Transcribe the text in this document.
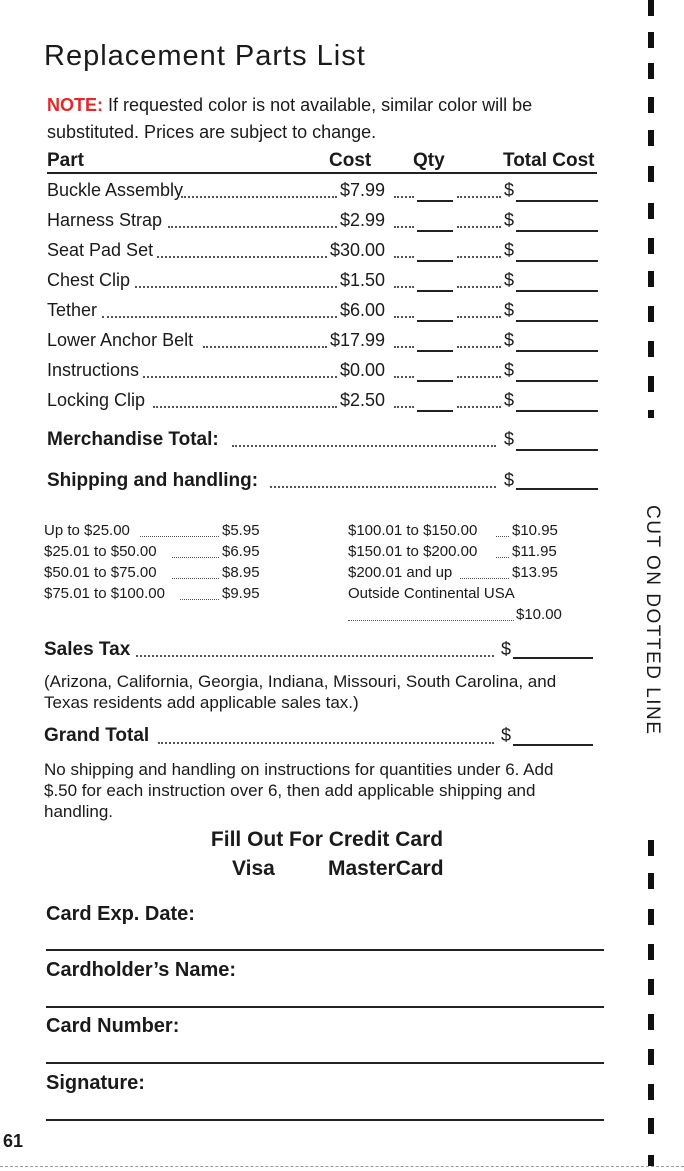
Replacement Parts List
NOTE: If requested color is not available, similar color will be substituted. Prices are subject to change.
Part	Cost Qty	Total Cost
Buckle Assembly	$7.99	$
Harness Strap	$2.99	$
Seat Pad Set	$30.00	$
Chest Clip	$1.50	$
Tether	$6.00	$
Lower Anchor Belt	$17.99	$
Instructions	$0.00	$
Locking Clip	$2.50	$
Merchandise Total:	$
Shipping and handling:	$
Up to $25.00	$5.95
$25.01 to $50.00	$6.95
$50.01 to $75.00	$8.95
$75.01 to $100.00	$9.95
$100.01 to $150.00 $10.95
$150.01 to $200.00 $11.95
$200.01 and up	$13.95
Outside Continental USA
$10.00
Sales Tax	$
(Arizona, California, Georgia, Indiana, Missouri, South Carolina, and Texas residents add applicable sales tax.)
Grand Total	$
No shipping and handling on instructions for quantities under 6. Add $.50 for each instruction over 6, then add applicable shipping and handling.
Fill Out For Credit Card
Visa	MasterCard
Card Exp. Date:
Cardholder’s Name:
Card Number:
Signature:
61
CUT ON DOTTED LINE
